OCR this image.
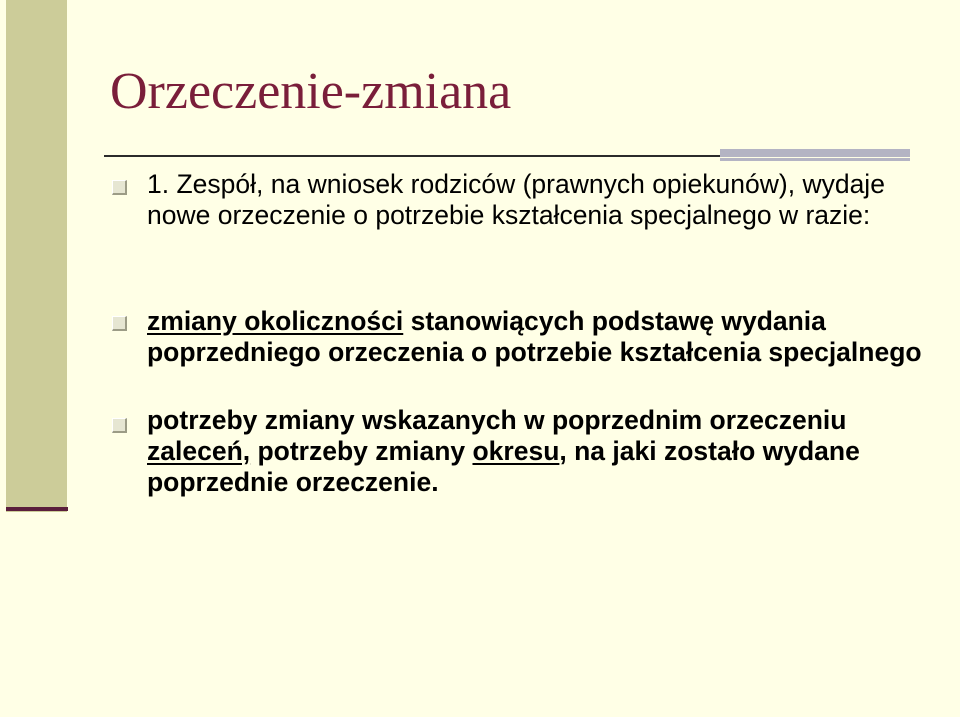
Orzeczenie-zmiana

1. Zespół, na wniosek rodziców (prawnych opiekunów), wydaje nowe orzeczenie o potrzebie kształcenia specjalnego w razie:

zmiany okoliczności stanowiących podstawę wydania poprzedniego orzeczenia o potrzebie kształcenia specjalnego

potrzeby zmiany wskazanych w poprzednim orzeczeniu zaleceń, potrzeby zmiany okresu, na jaki zostało wydane poprzednie orzeczenie.
